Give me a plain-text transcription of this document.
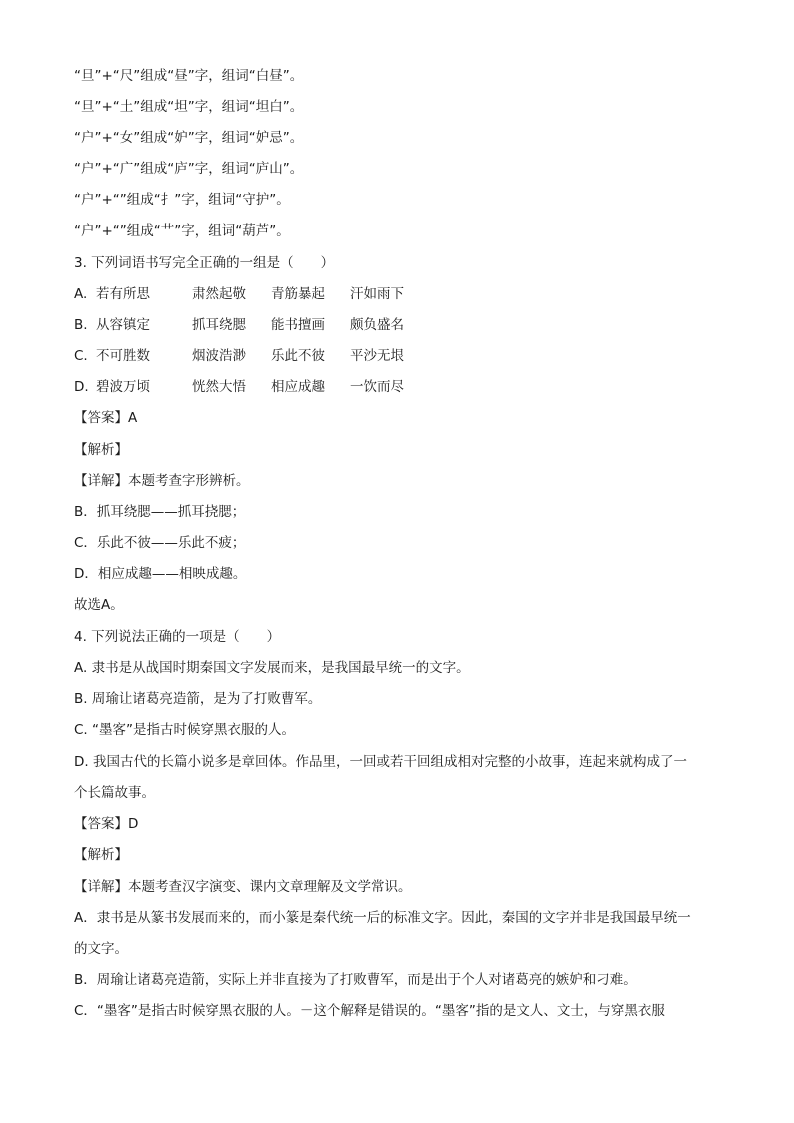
“旦”+“尺”组成“昼”字，组词“白昼”。
“旦”+“土”组成“坦”字，组词“坦白”。
“户”+“女”组成“妒”字，组词“妒忌”。
“户”+“广”组成“庐”字，组词“庐山”。
“户”+“”组成“扌”字，组词“守护”。
“户”+“”组成“艹”字，组词“葫芦”。
3. 下列词语书写完全正确的一组是（　　）
A. 若有所思	肃然起敬 青筋暴起 汗如雨下
B. 从容镇定	抓耳绕腮 能书擅画 颇负盛名
C. 不可胜数	烟波浩渺 乐此不彼 平沙无垠
D. 碧波万顷	恍然大悟 相应成趣 一饮而尽
【答案】A
【解析】
【详解】本题考查字形辨析。
B．抓耳绕腮——抓耳挠腮；
C．乐此不彼——乐此不疲；
D．相应成趣——相映成趣。
故选A。
4. 下列说法正确的一项是（　　）
A. 隶书是从战国时期秦国文字发展而来，是我国最早统一的文字。
B. 周瑜让诸葛亮造箭，是为了打败曹军。
C. “墨客”是指古时候穿黑衣服的人。
D. 我国古代的长篇小说多是章回体。作品里，一回或若干回组成相对完整的小故事，连起来就构成了一
个长篇故事。
【答案】D
【解析】
【详解】本题考查汉字演变、课内文章理解及文学常识。
A．隶书是从篆书发展而来的，而小篆是秦代统一后的标准文字。因此，秦国的文字并非是我国最早统一
的文字。
B．周瑜让诸葛亮造箭，实际上并非直接为了打败曹军，而是出于个人对诸葛亮的嫉妒和刁难。
C．“墨客”是指古时候穿黑衣服的人。－这个解释是错误的。“墨客”指的是文人、文士，与穿黑衣服
